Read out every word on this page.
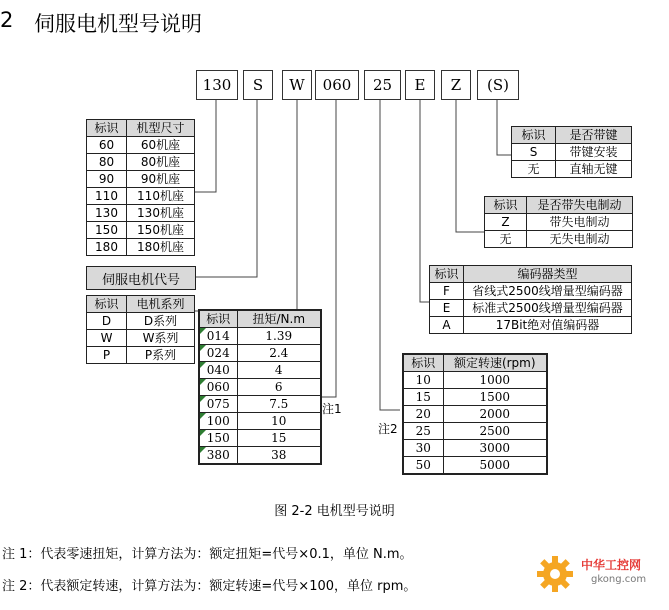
2 伺服电机型号说明
130	S	W	060	25	E	Z	(S)
标识	机型尺寸
60	60机座
80	80机座
90	90机座
110	110机座
130	130机座
150	150机座
180	180机座
伺服电机代号
标识	电机系列
D	D系列
W	W系列
P	P系列
标识	扭矩/N.m
014	1.39
024	2.4
040	4
060	6
075	7.5
100	10
150	15
380	38
标识	额定转速(rpm)
10	1000
15	1500
20	2000
25	2500
30	3000
50	5000
标识	编码器类型
F	省线式2500线增量型编码器
E	标准式2500线增量型编码器
A	17Bit绝对值编码器
标识	是否带失电制动
Z	带失电制动
无	无失电制动
标识	是否带键
S	带键安装
无	直轴无键
注1
注2
图 2-2 电机型号说明
注 1：代表零速扭矩，计算方法为：额定扭矩=代号×0.1，单位 N.m。
注 2：代表额定转速，计算方法为：额定转速=代号×100，单位 rpm。
中华工控网
gkong.com
